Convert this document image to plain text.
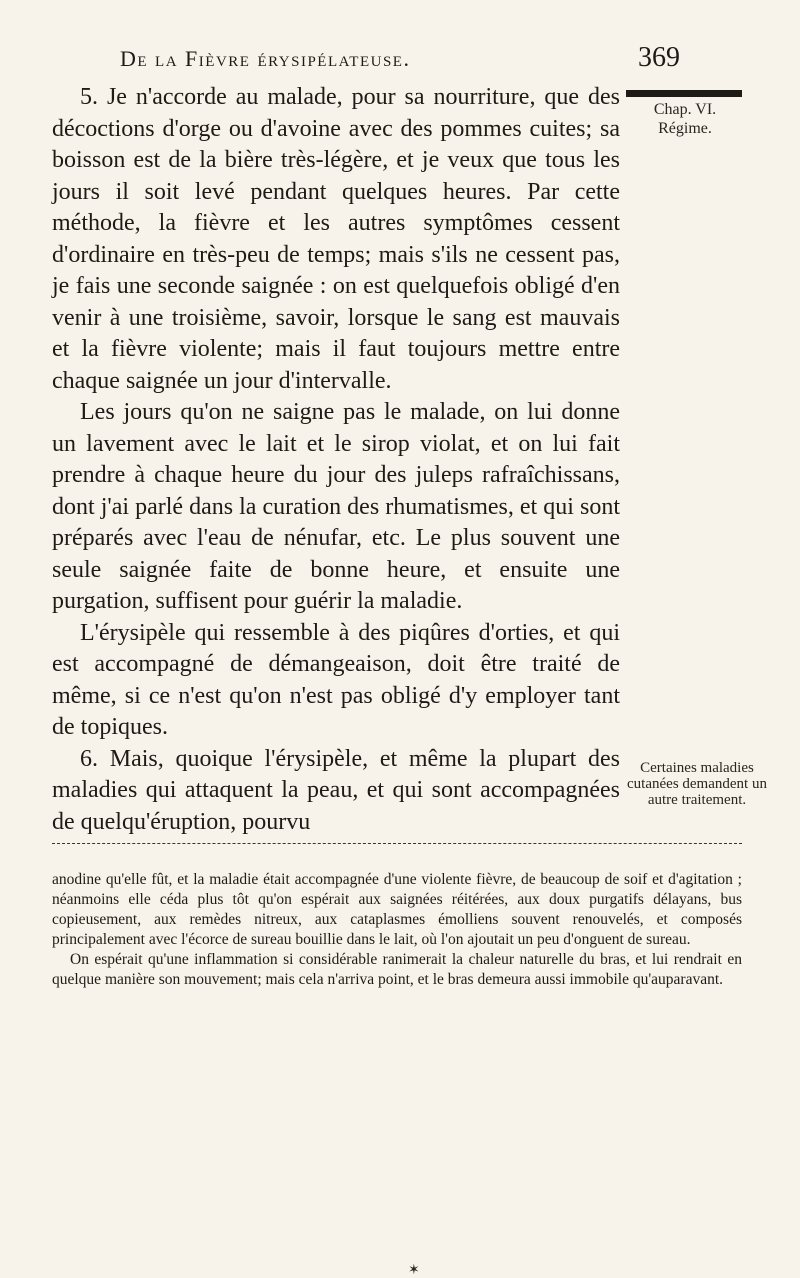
De la Fièvre érysipélateuse.	369

5. Je n'accorde au malade, pour sa nourriture, que des décoctions d'orge ou d'avoine avec des pommes cuites; sa boisson est de la bière très-légère, et je veux que tous les jours il soit levé pendant quelques heures. Par cette méthode, la fièvre et les autres symptômes cessent d'ordinaire en très-peu de temps; mais s'ils ne cessent pas, je fais une seconde saignée : on est quelquefois obligé d'en venir à une troisième, savoir, lorsque le sang est mauvais et la fièvre violente; mais il faut toujours mettre entre chaque saignée un jour d'intervalle.

Les jours qu'on ne saigne pas le malade, on lui donne un lavement avec le lait et le sirop violat, et on lui fait prendre à chaque heure du jour des juleps rafraîchissans, dont j'ai parlé dans la curation des rhumatismes, et qui sont préparés avec l'eau de nénufar, etc. Le plus souvent une seule saignée faite de bonne heure, et ensuite une purgation, suffisent pour guérir la maladie.

L'érysipèle qui ressemble à des piqûres d'orties, et qui est accompagné de démangeaison, doit être traité de même, si ce n'est qu'on n'est pas obligé d'y employer tant de topiques.

6. Mais, quoique l'érysipèle, et même la plupart des maladies qui attaquent la peau, et qui sont accompagnées de quelqu'éruption, pourvu

Chap. VI.
Régime.
Certaines maladies cutanées demandent un autre traitement.

anodine qu'elle fût, et la maladie était accompagnée d'une violente fièvre, de beaucoup de soif et d'agitation ; néanmoins elle céda plus tôt qu'on espérait aux saignées réitérées, aux doux purgatifs délayans, bus copieusement, aux remèdes nitreux, aux cataplasmes émolliens souvent renouvelés, et composés principalement avec l'écorce de sureau bouillie dans le lait, où l'on ajoutait un peu d'onguent de sureau.

On espérait qu'une inflammation si considérable ranimerait la chaleur naturelle du bras, et lui rendrait en quelque manière son mouvement; mais cela n'arriva point, et le bras demeura aussi immobile qu'auparavant.

✶
